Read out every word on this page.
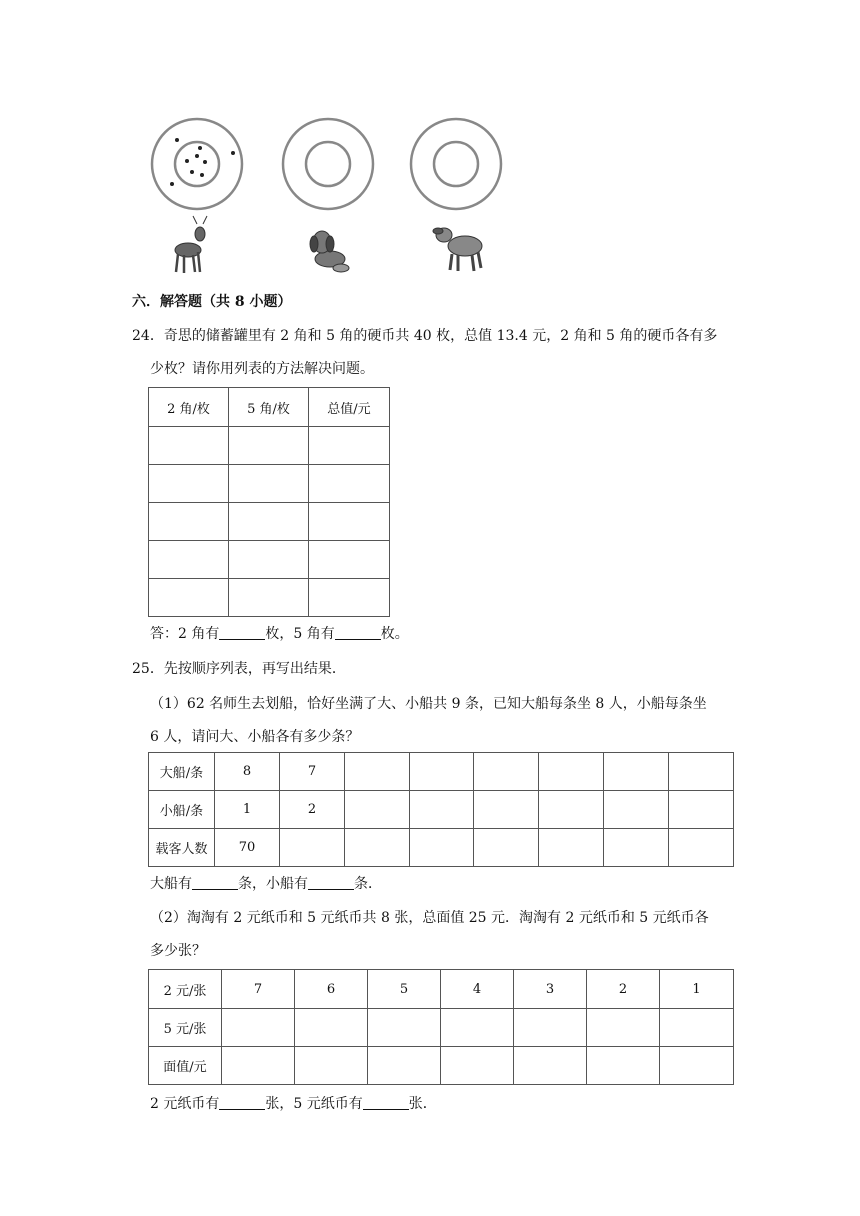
六．解答题（共 8 小题）
24．奇思的储蓄罐里有 2 角和 5 角的硬币共 40 枚，总值 13.4 元，2 角和 5 角的硬币各有多
少枚？请你用列表的方法解决问题。
2 角/枚	5 角/枚	总值/元

答：2 角有	枚，5 角有	枚。
25．先按顺序列表，再写出结果．
（1）62 名师生去划船，恰好坐满了大、小船共 9 条，已知大船每条坐 8 人，小船每条坐
6 人，请问大、小船各有多少条？
大船/条	8	7						
小船/条	1	2						
载客人数	70							
大船有	条，小船有	条．
（2）淘淘有 2 元纸币和 5 元纸币共 8 张，总面值 25 元．淘淘有 2 元纸币和 5 元纸币各
多少张？
2 元/张	7	6	5	4	3	2	1
5 元/张							
面值/元							
2 元纸币有	张，5 元纸币有	张．
